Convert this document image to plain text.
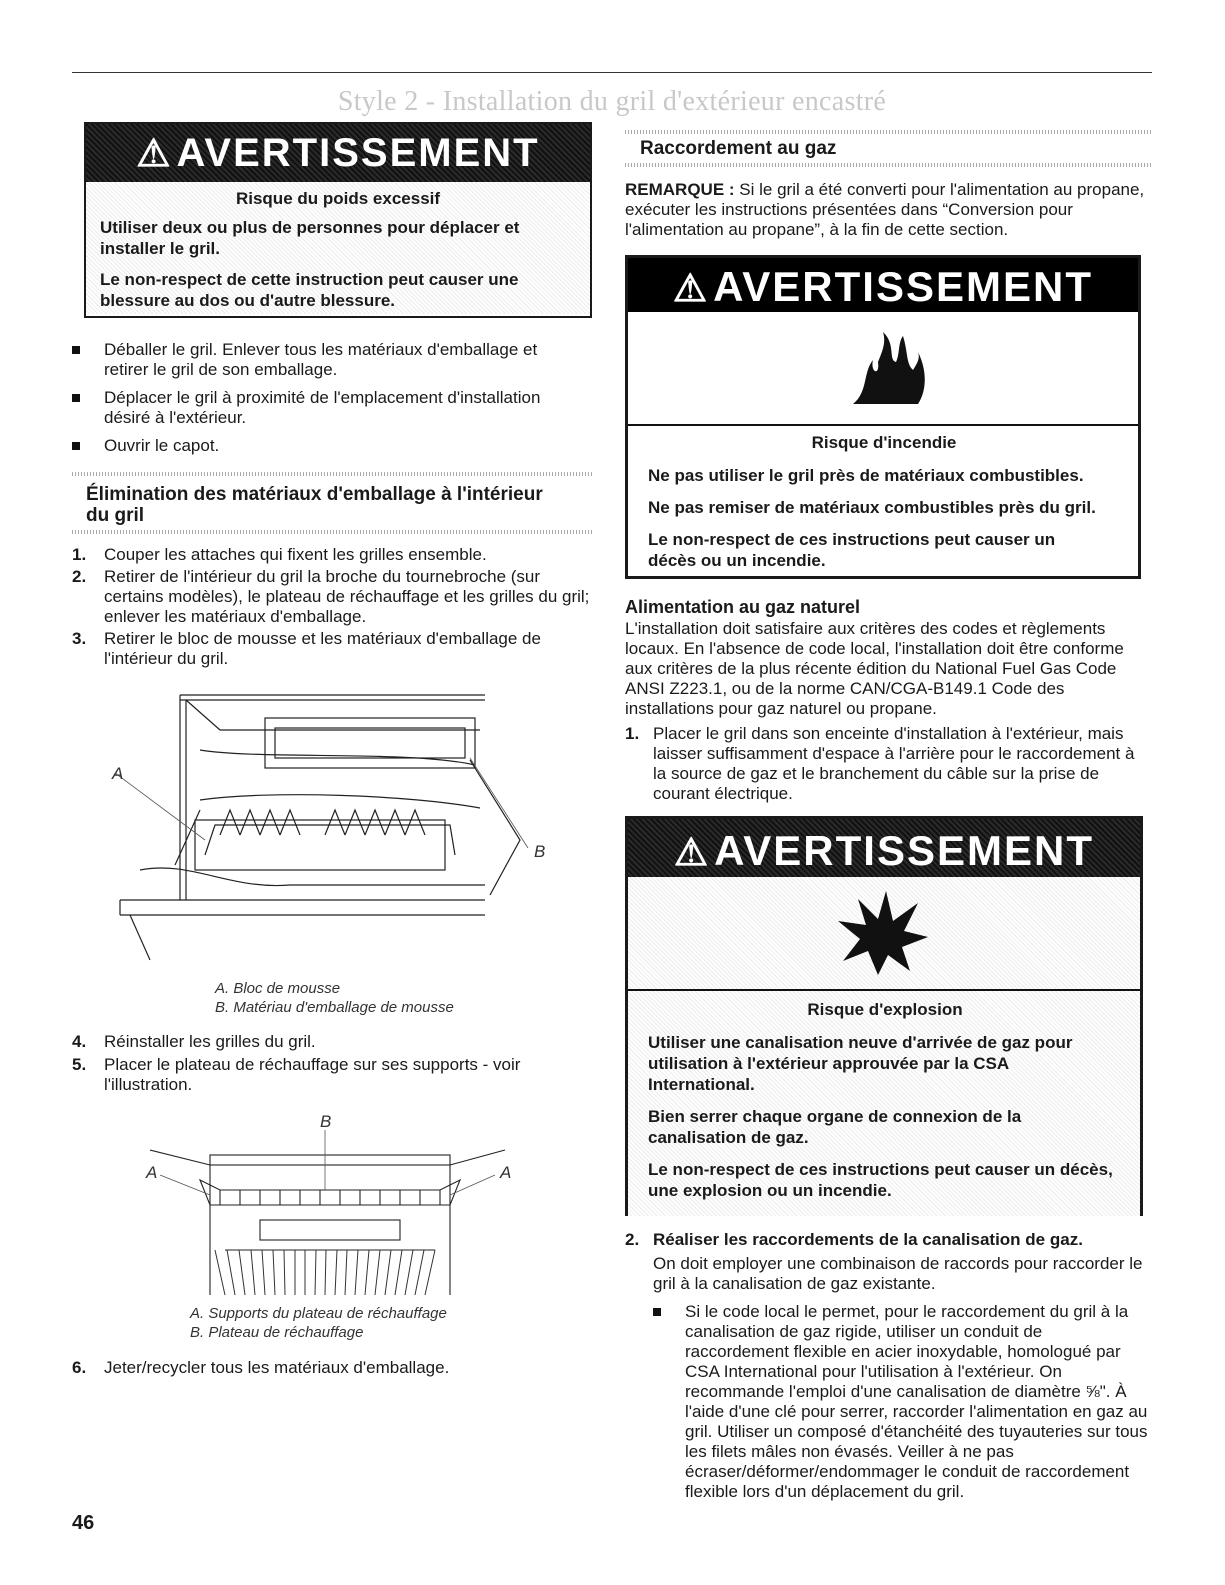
Style 2 - Installation du gril d'extérieur encastré
⚠ AVERTISSEMENT
Risque du poids excessif
Utiliser deux ou plus de personnes pour déplacer et installer le gril.
Le non-respect de cette instruction peut causer une blessure au dos ou d'autre blessure.
Déballer le gril. Enlever tous les matériaux d'emballage et retirer le gril de son emballage.
Déplacer le gril à proximité de l'emplacement d'installation désiré à l'extérieur.
Ouvrir le capot.
Élimination des matériaux d'emballage à l'intérieur du gril
1. Couper les attaches qui fixent les grilles ensemble.
2. Retirer de l'intérieur du gril la broche du tournebroche (sur certains modèles), le plateau de réchauffage et les grilles du gril; enlever les matériaux d'emballage.
3. Retirer le bloc de mousse et les matériaux d'emballage de l'intérieur du gril.
A
B
A. Bloc de mousse
B. Matériau d'emballage de mousse
4. Réinstaller les grilles du gril.
5. Placer le plateau de réchauffage sur ses supports - voir l'illustration.
B
A	A
A. Supports du plateau de réchauffage
B. Plateau de réchauffage
6. Jeter/recycler tous les matériaux d'emballage.
46
Raccordement au gaz
REMARQUE : Si le gril a été converti pour l'alimentation au propane, exécuter les instructions présentées dans “Conversion pour l'alimentation au propane”, à la fin de cette section.
⚠AVERTISSEMENT
Risque d'incendie
Ne pas utiliser le gril près de matériaux combustibles.
Ne pas remiser de matériaux combustibles près du gril.
Le non-respect de ces instructions peut causer un décès ou un incendie.
Alimentation au gaz naturel
L'installation doit satisfaire aux critères des codes et règlements locaux. En l'absence de code local, l'installation doit être conforme aux critères de la plus récente édition du National Fuel Gas Code ANSI Z223.1, ou de la norme CAN/CGA-B149.1 Code des installations pour gaz naturel ou propane.
1. Placer le gril dans son enceinte d'installation à l'extérieur, mais laisser suffisamment d'espace à l'arrière pour le raccordement à la source de gaz et le branchement du câble sur la prise de courant électrique.
⚠AVERTISSEMENT
Risque d'explosion
Utiliser une canalisation neuve d'arrivée de gaz pour utilisation à l'extérieur approuvée par la CSA International.
Bien serrer chaque organe de connexion de la canalisation de gaz.
Le non-respect de ces instructions peut causer un décès, une explosion ou un incendie.
2. Réaliser les raccordements de la canalisation de gaz.
On doit employer une combinaison de raccords pour raccorder le gril à la canalisation de gaz existante.
Si le code local le permet, pour le raccordement du gril à la canalisation de gaz rigide, utiliser un conduit de raccordement flexible en acier inoxydable, homologué par CSA International pour l'utilisation à l'extérieur. On recommande l'emploi d'une canalisation de diamètre ⅝". À l'aide d'une clé pour serrer, raccorder l'alimentation en gaz au gril. Utiliser un composé d'étanchéité des tuyauteries sur tous les filets mâles non évasés. Veiller à ne pas écraser/déformer/endommager le conduit de raccordement flexible lors d'un déplacement du gril.
